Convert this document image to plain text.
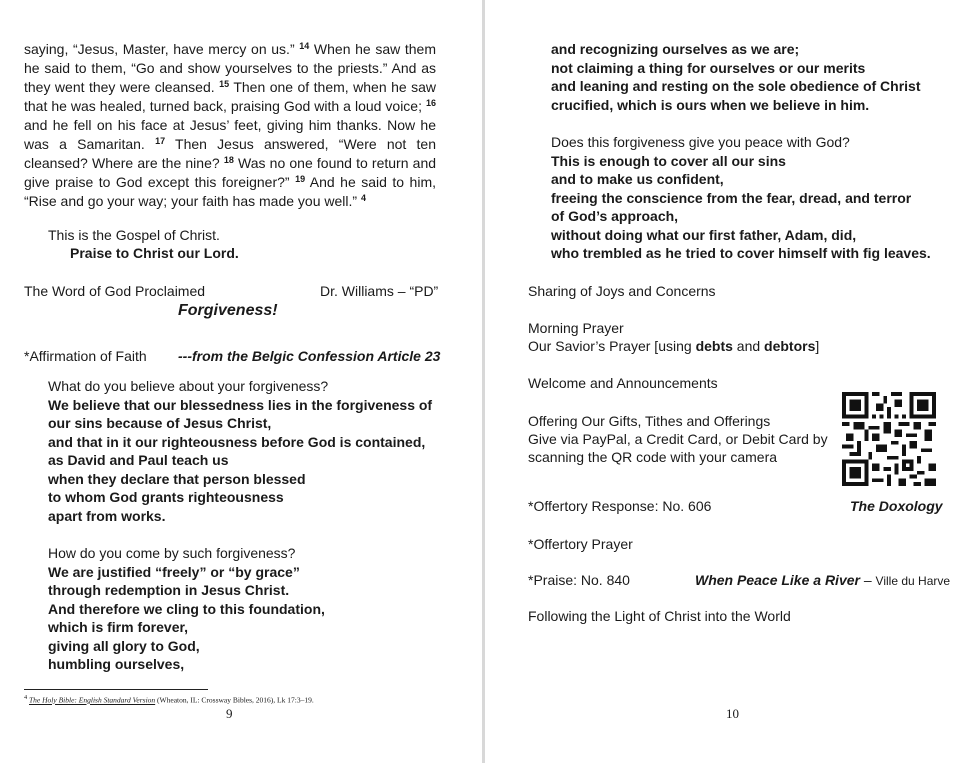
saying, “Jesus, Master, have mercy on us.” $^{14}$ When he saw them he said to them, “Go and show yourselves to the priests.” And as they went they were cleansed. $^{15}$ Then one of them, when he saw that he was healed, turned back, praising God with a loud voice; $^{16}$ and he fell on his face at Jesus’ feet, giving him thanks. Now he was a Samaritan. $^{17}$ Then Jesus answered, “Were not ten cleansed? Where are the nine? $^{18}$ Was no one found to return and give praise to God except this foreigner?” $^{19}$ And he said to him, “Rise and go your way; your faith has made you well.” $^4$
This is the Gospel of Christ.
Praise to Christ our Lord.
The Word of God Proclaimed	Dr. Williams – “PD”
Forgiveness!
*Affirmation of Faith ---from the Belgic Confession Article 23
What do you believe about your forgiveness?
We believe that our blessedness lies in the forgiveness of
our sins because of Jesus Christ,
and that in it our righteousness before God is contained,
as David and Paul teach us
when they declare that person blessed
to whom God grants righteousness
apart from works.
How do you come by such forgiveness?
We are justified “freely” or “by grace”
through redemption in Jesus Christ.
And therefore we cling to this foundation,
which is firm forever,
giving all glory to God,
humbling ourselves,
$^4$ The Holy Bible: English Standard Version (Wheaton, IL: Crossway Bibles, 2016), Lk 17:3–19.
9
and recognizing ourselves as we are;
not claiming a thing for ourselves or our merits
and leaning and resting on the sole obedience of Christ
crucified, which is ours when we believe in him.
Does this forgiveness give you peace with God?
This is enough to cover all our sins
and to make us confident,
freeing the conscience from the fear, dread, and terror
of God’s approach,
without doing what our first father, Adam, did,
who trembled as he tried to cover himself with fig leaves.
Sharing of Joys and Concerns
Morning Prayer
Our Savior’s Prayer [using debts and debtors]
Welcome and Announcements
Offering Our Gifts, Tithes and Offerings
Give via PayPal, a Credit Card, or Debit Card by
scanning the QR code with your camera
*Offertory Response: No. 606	The Doxology
*Offertory Prayer
*Praise: No. 840	When Peace Like a River – Ville du Harve
Following the Light of Christ into the World
10
